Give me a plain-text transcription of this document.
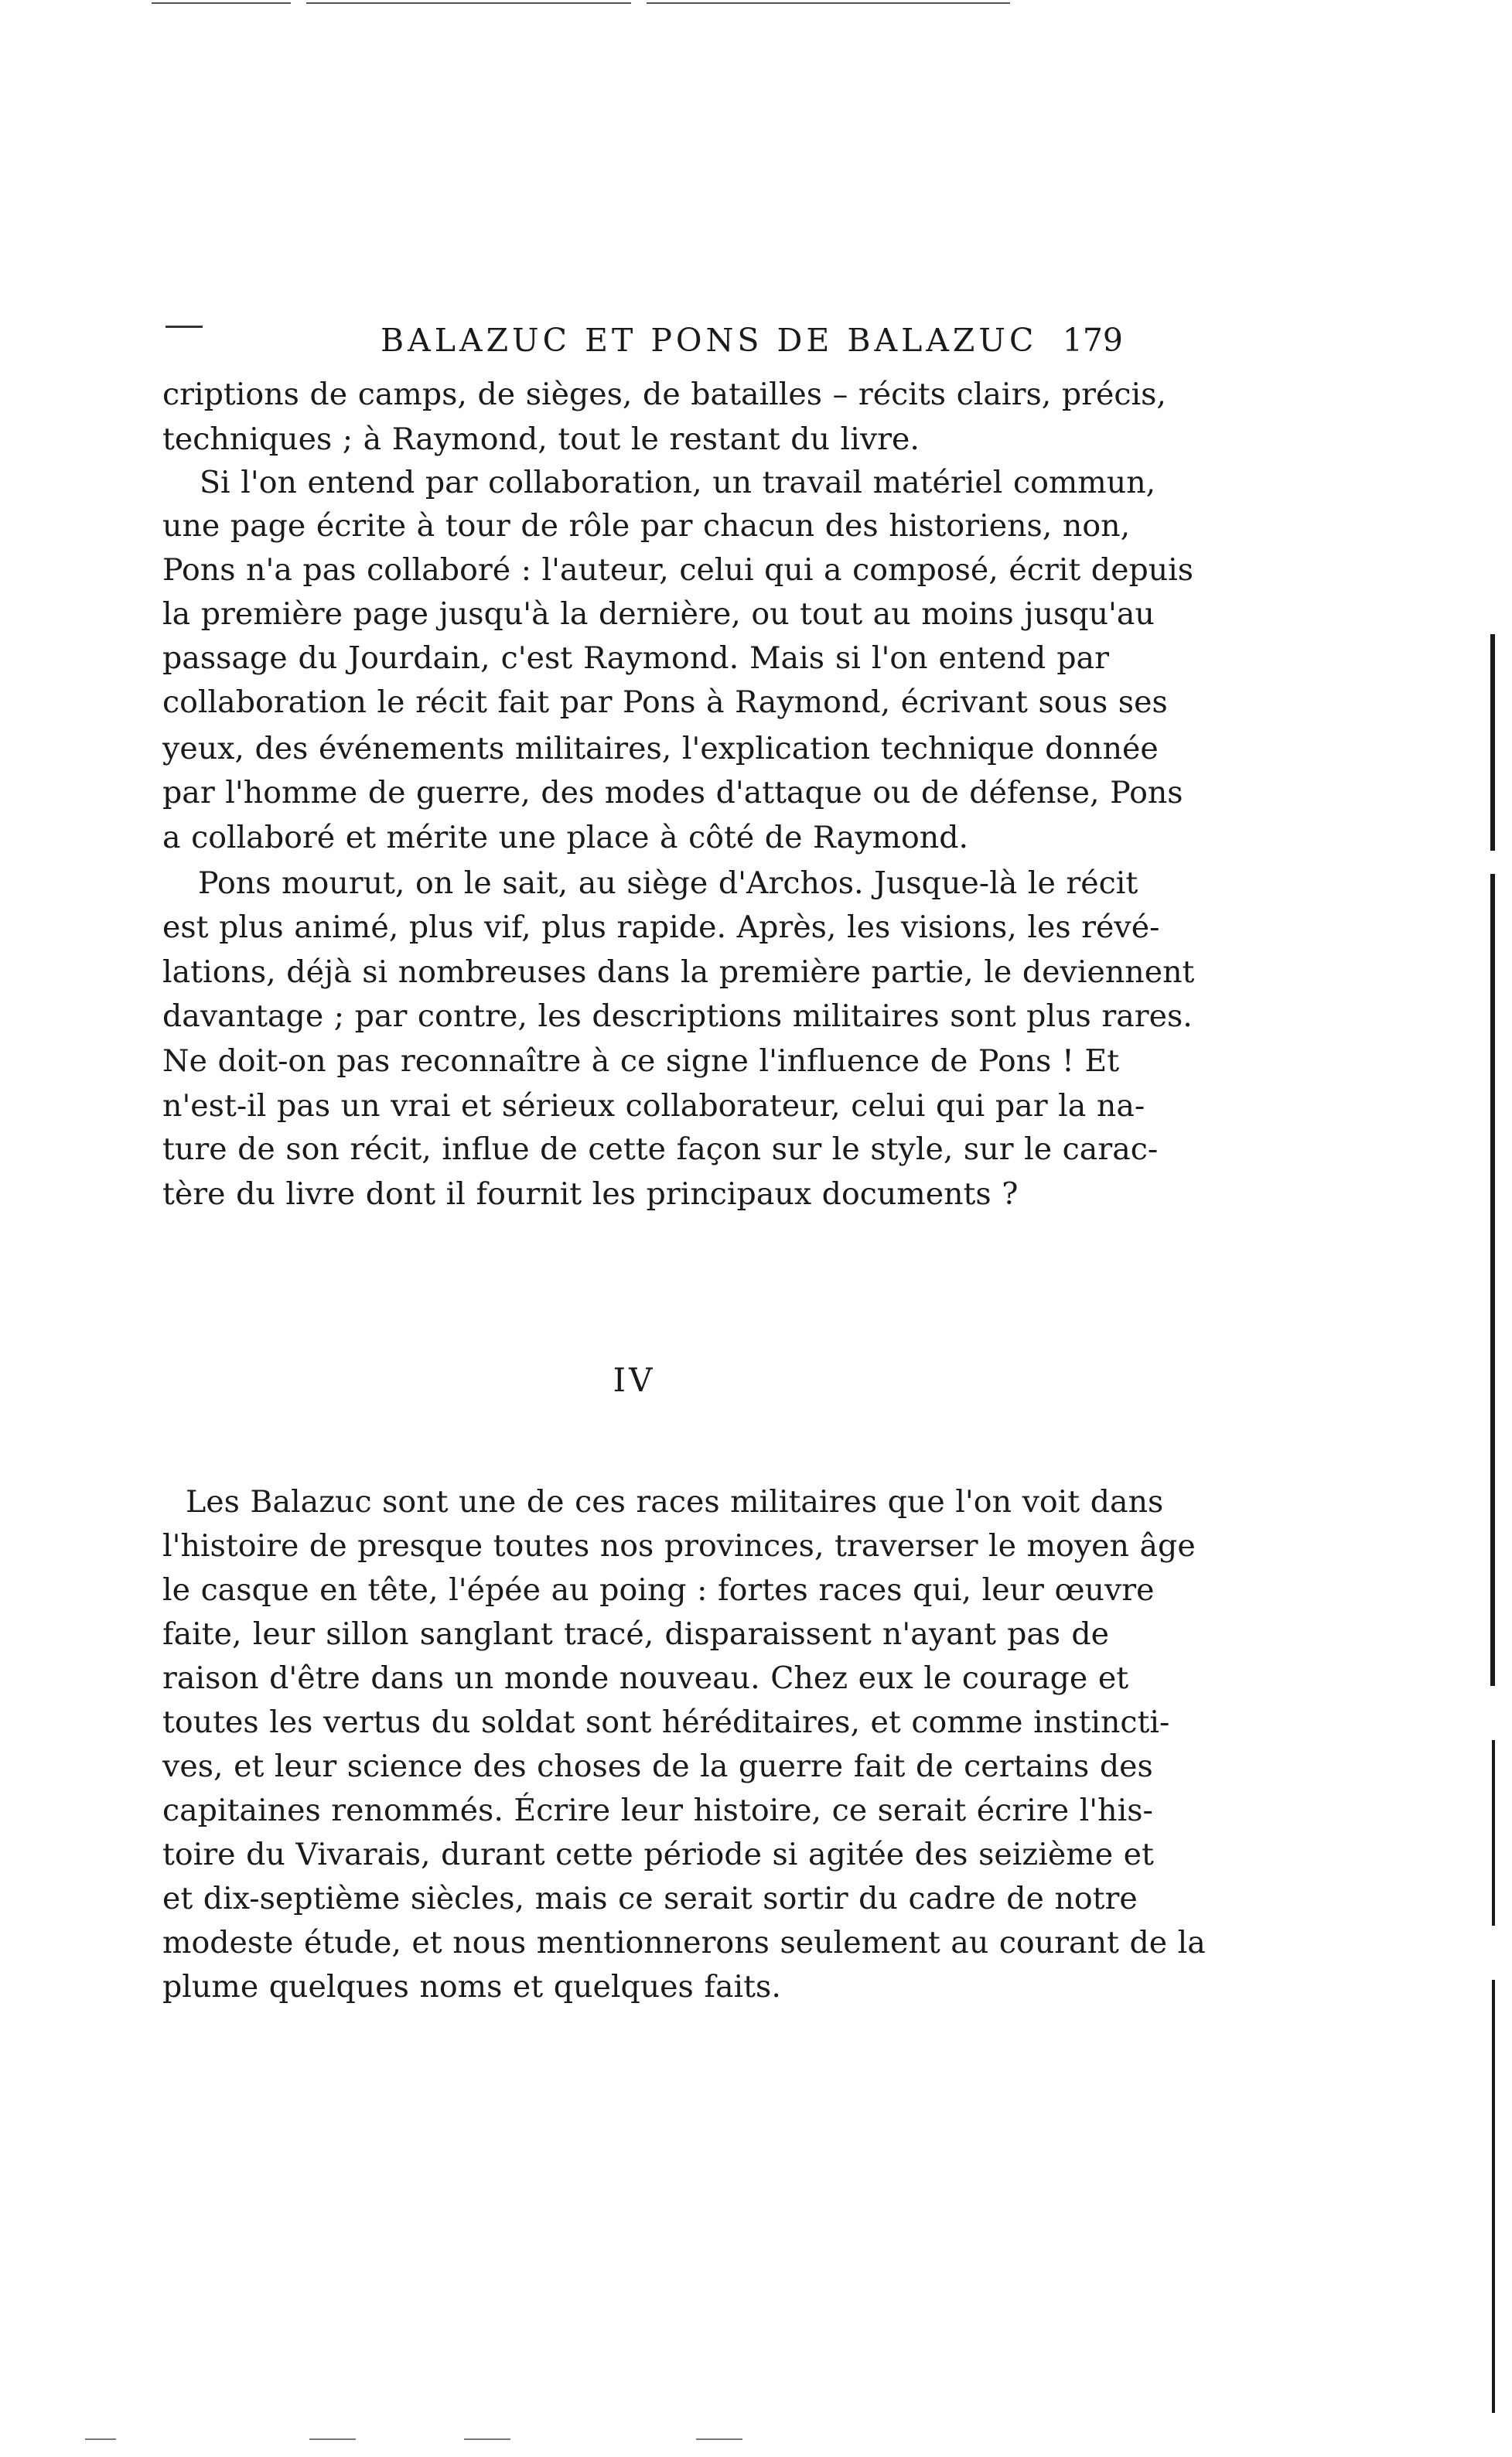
BALAZUC ET PONS DE BALAZUC 179
criptions de camps, de sièges, de batailles – récits clairs, précis,
techniques ; à Raymond, tout le restant du livre.
Si l'on entend par collaboration, un travail matériel commun,
une page écrite à tour de rôle par chacun des historiens, non,
Pons n'a pas collaboré : l'auteur, celui qui a composé, écrit depuis
la première page jusqu'à la dernière, ou tout au moins jusqu'au
passage du Jourdain, c'est Raymond. Mais si l'on entend par
collaboration le récit fait par Pons à Raymond, écrivant sous ses
yeux, des événements militaires, l'explication technique donnée
par l'homme de guerre, des modes d'attaque ou de défense, Pons
a collaboré et mérite une place à côté de Raymond.
Pons mourut, on le sait, au siège d'Archos. Jusque-là le récit
est plus animé, plus vif, plus rapide. Après, les visions, les révé-
lations, déjà si nombreuses dans la première partie, le deviennent
davantage ; par contre, les descriptions militaires sont plus rares.
Ne doit-on pas reconnaître à ce signe l'influence de Pons ! Et
n'est-il pas un vrai et sérieux collaborateur, celui qui par la na-
ture de son récit, influe de cette façon sur le style, sur le carac-
tère du livre dont il fournit les principaux documents ?
IV
Les Balazuc sont une de ces races militaires que l'on voit dans
l'histoire de presque toutes nos provinces, traverser le moyen âge
le casque en tête, l'épée au poing : fortes races qui, leur œuvre
faite, leur sillon sanglant tracé, disparaissent n'ayant pas de
raison d'être dans un monde nouveau. Chez eux le courage et
toutes les vertus du soldat sont héréditaires, et comme instincti-
ves, et leur science des choses de la guerre fait de certains des
capitaines renommés. Écrire leur histoire, ce serait écrire l'his-
toire du Vivarais, durant cette période si agitée des seizième et
et dix-septième siècles, mais ce serait sortir du cadre de notre
modeste étude, et nous mentionnerons seulement au courant de la
plume quelques noms et quelques faits.
